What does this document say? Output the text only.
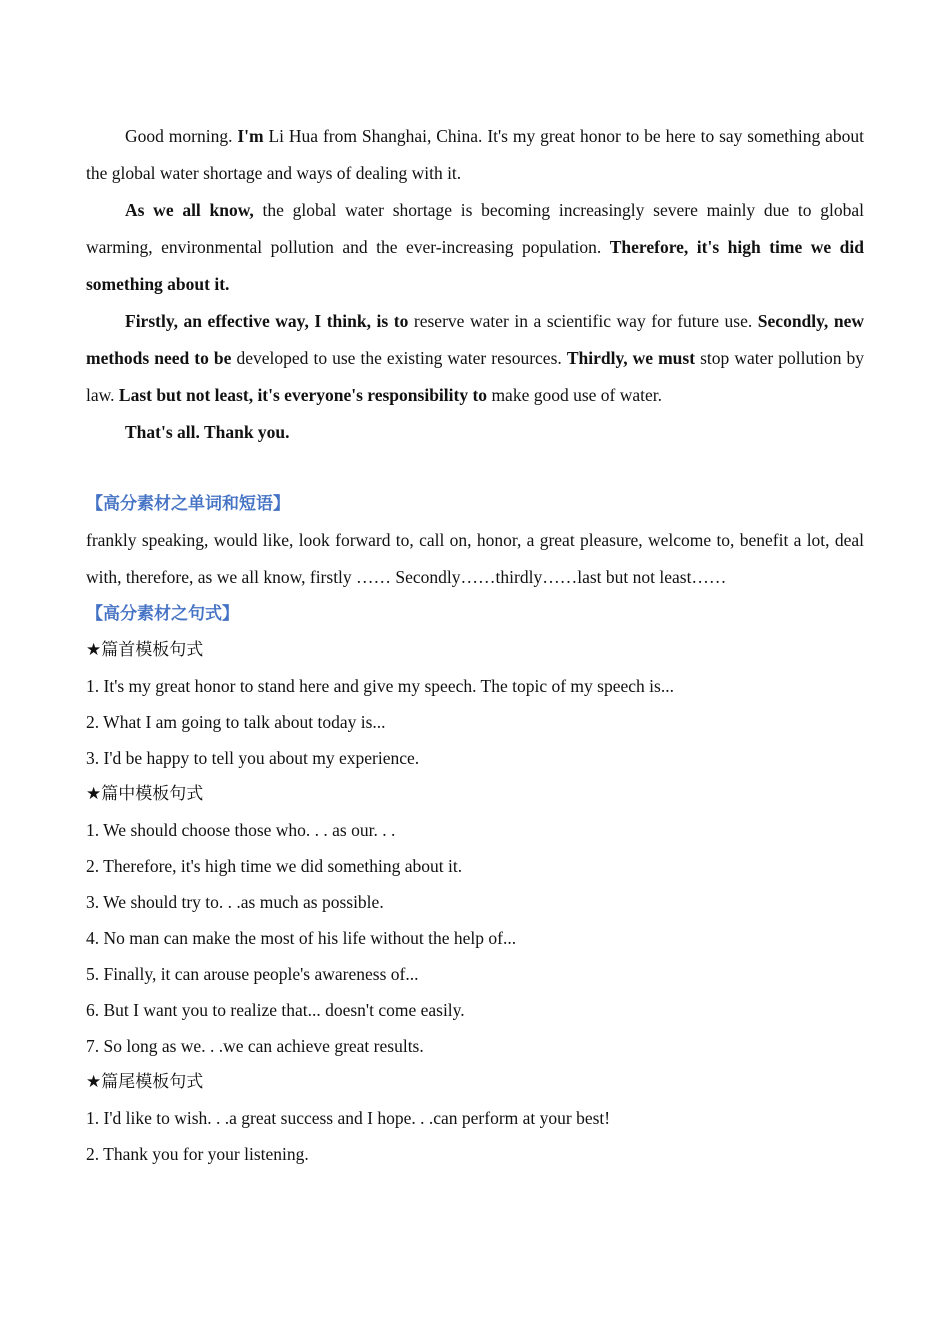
Good morning. I'm Li Hua from Shanghai, China. It's my great honor to be here to say something about the global water shortage and ways of dealing with it.

As we all know, the global water shortage is becoming increasingly severe mainly due to global warming, environmental pollution and the ever-increasing population. Therefore, it's high time we did something about it.

Firstly, an effective way, I think, is to reserve water in a scientific way for future use. Secondly, new methods need to be developed to use the existing water resources. Thirdly, we must stop water pollution by law. Last but not least, it's everyone's responsibility to make good use of water.

That's all. Thank you.

【高分素材之单词和短语】

frankly speaking, would like, look forward to, call on, honor, a great pleasure, welcome to, benefit a lot, deal with, therefore, as we all know, firstly …… Secondly……thirdly……last but not least……

【高分素材之句式】

★篇首模板句式

1. It's my great honor to stand here and give my speech. The topic of my speech is...

2. What I am going to talk about today is...

3. I'd be happy to tell you about my experience.

★篇中模板句式

1. We should choose those who. . . as our. . .

2. Therefore, it's high time we did something about it.

3. We should try to. . .as much as possible.

4. No man can make the most of his life without the help of...

5. Finally, it can arouse people's awareness of...

6. But I want you to realize that... doesn't come easily.

7. So long as we. . .we can achieve great results.

★篇尾模板句式

1. I'd like to wish. . .a great success and I hope. . .can perform at your best!

2. Thank you for your listening.
